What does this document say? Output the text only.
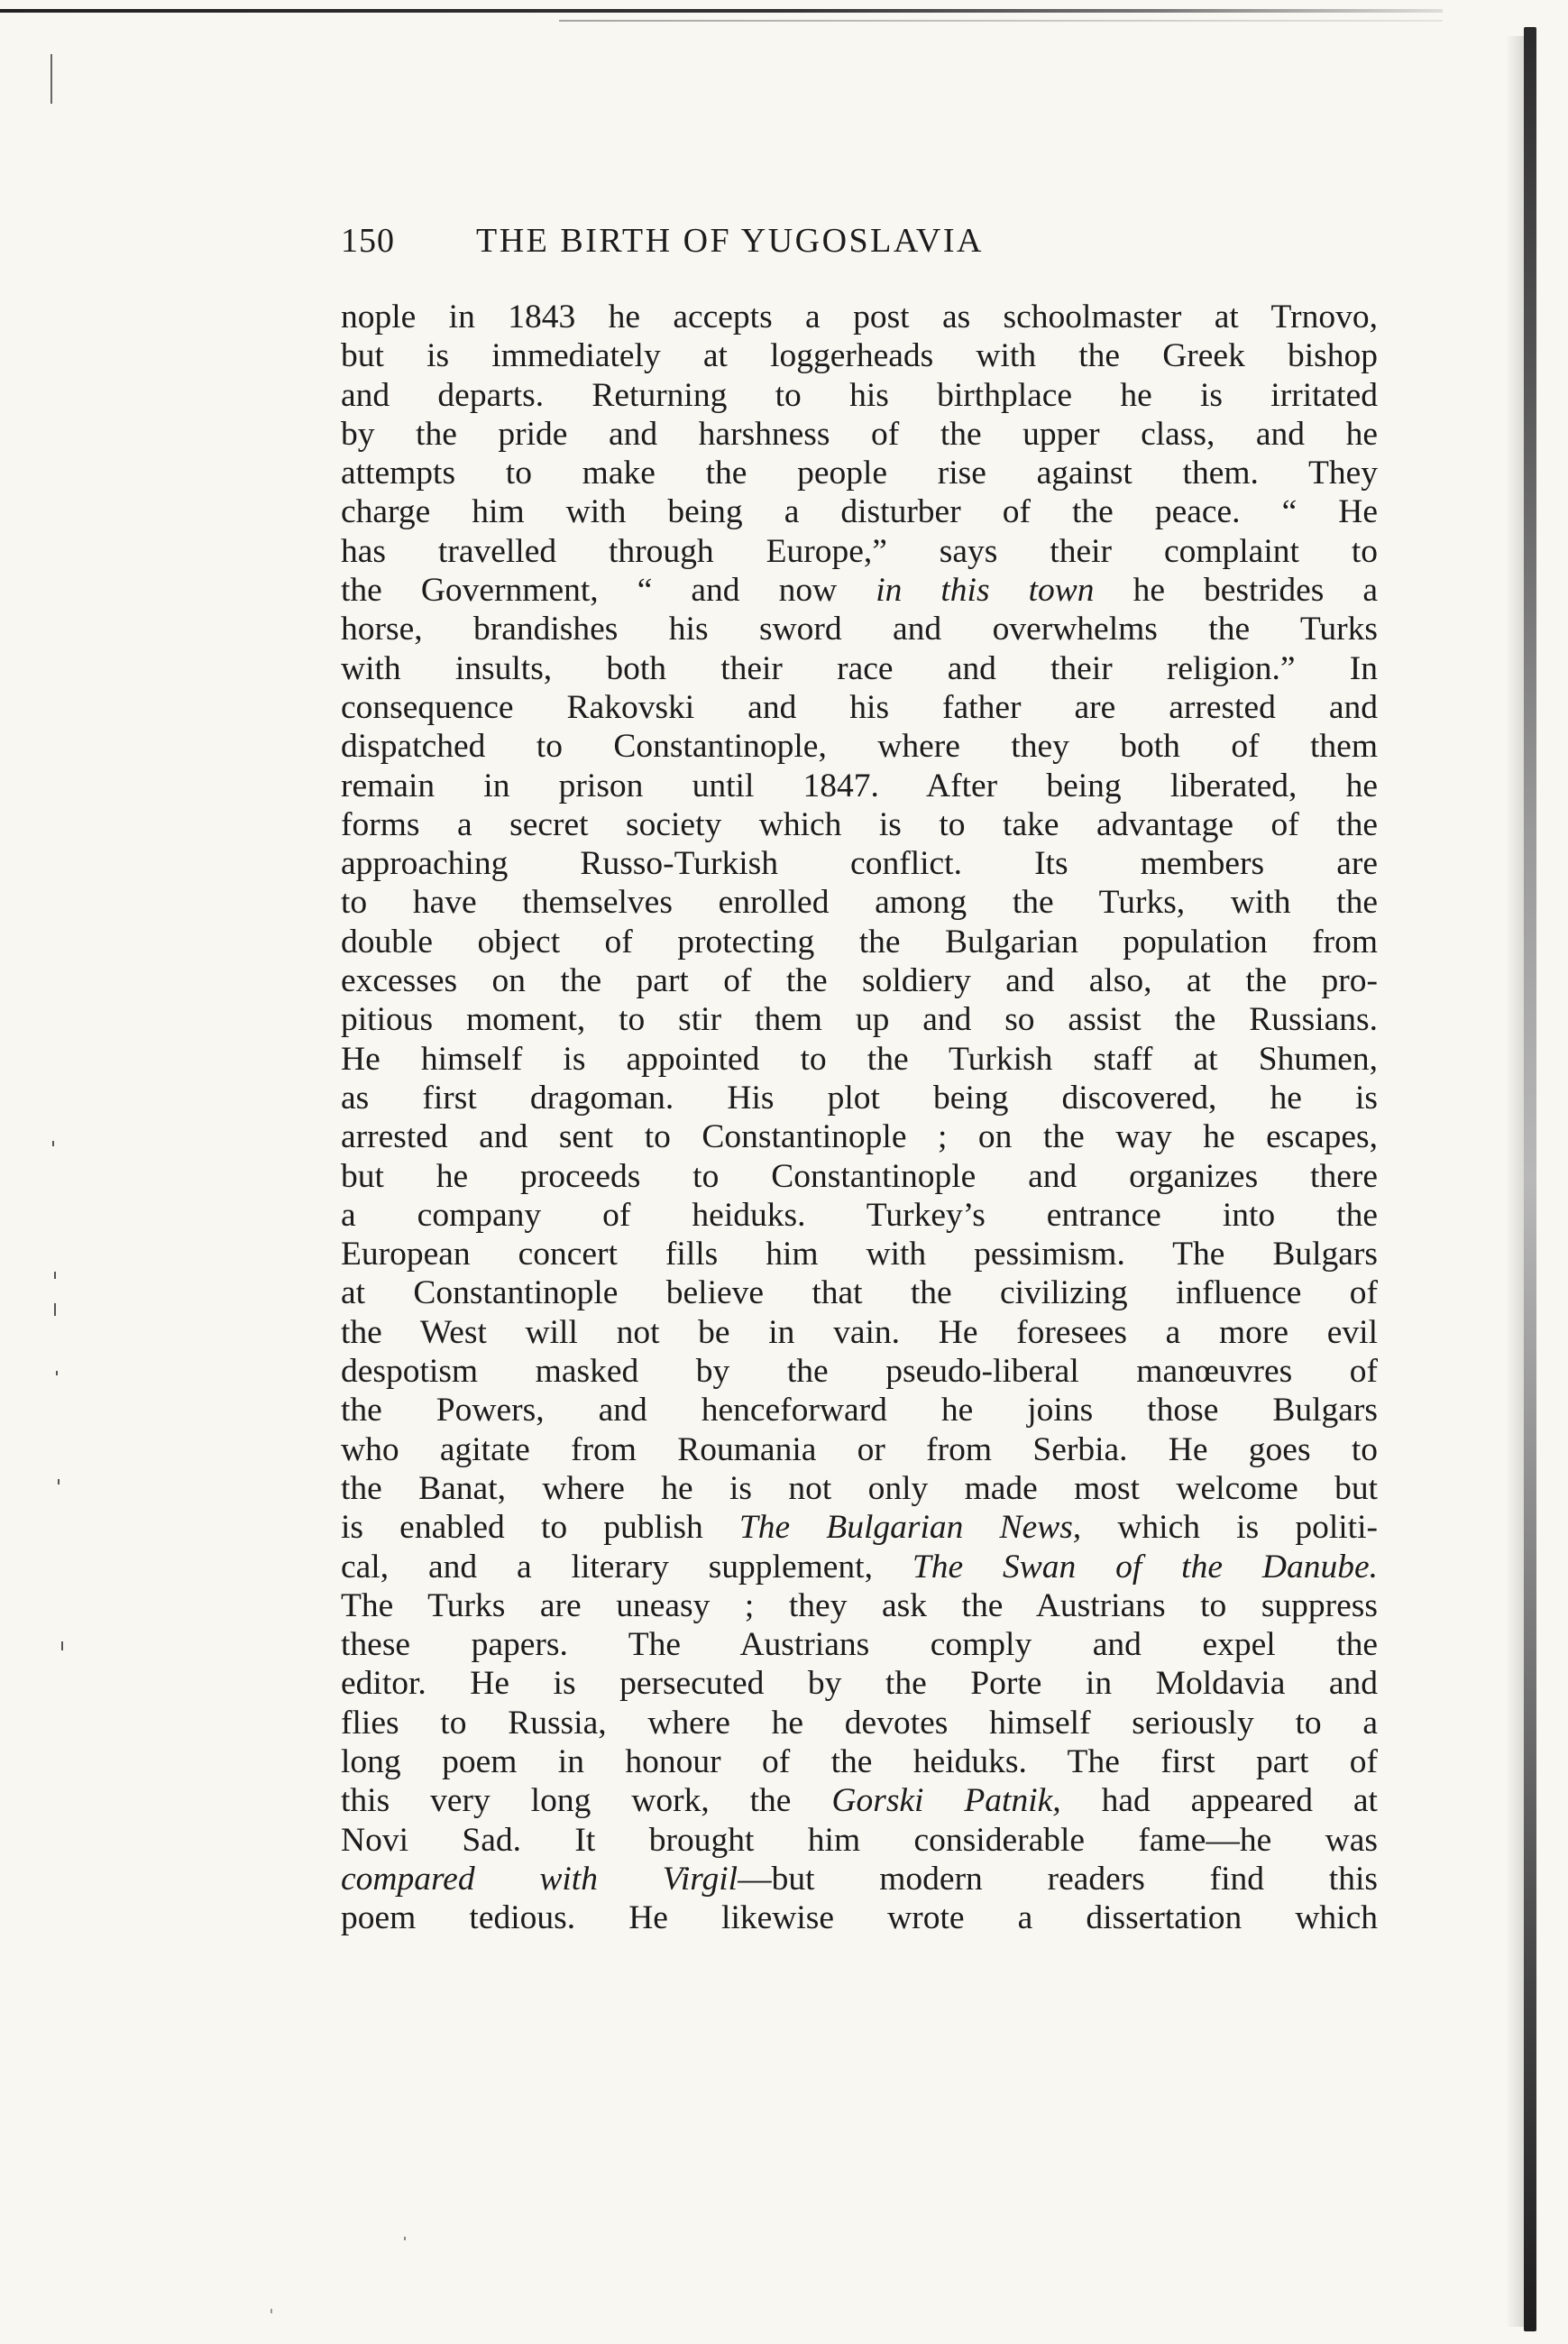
150 THE BIRTH OF YUGOSLAVIA
nople in 1843 he accepts a post as schoolmaster at Trnovo,
but is immediately at loggerheads with the Greek bishop
and departs. Returning to his birthplace he is irritated
by the pride and harshness of the upper class, and he
attempts to make the people rise against them. They
charge him with being a disturber of the peace. “ He
has travelled through Europe,” says their complaint to
the Government, “ and now in this town he bestrides a
horse, brandishes his sword and overwhelms the Turks
with insults, both their race and their religion.” In
consequence Rakovski and his father are arrested and
dispatched to Constantinople, where they both of them
remain in prison until 1847. After being liberated, he
forms a secret society which is to take advantage of the
approaching Russo-Turkish conflict. Its members are
to have themselves enrolled among the Turks, with the
double object of protecting the Bulgarian population from
excesses on the part of the soldiery and also, at the pro-
pitious moment, to stir them up and so assist the Russians.
He himself is appointed to the Turkish staff at Shumen,
as first dragoman. His plot being discovered, he is
arrested and sent to Constantinople ; on the way he escapes,
but he proceeds to Constantinople and organizes there
a company of heiduks. Turkey’s entrance into the
European concert fills him with pessimism. The Bulgars
at Constantinople believe that the civilizing influence of
the West will not be in vain. He foresees a more evil
despotism masked by the pseudo-liberal manœuvres of
the Powers, and henceforward he joins those Bulgars
who agitate from Roumania or from Serbia. He goes to
the Banat, where he is not only made most welcome but
is enabled to publish The Bulgarian News, which is politi-
cal, and a literary supplement, The Swan of the Danube.
The Turks are uneasy ; they ask the Austrians to suppress
these papers. The Austrians comply and expel the
editor. He is persecuted by the Porte in Moldavia and
flies to Russia, where he devotes himself seriously to a
long poem in honour of the heiduks. The first part of
this very long work, the Gorski Patnik, had appeared at
Novi Sad. It brought him considerable fame—he was
compared with Virgil—but modern readers find this
poem tedious. He likewise wrote a dissertation which
